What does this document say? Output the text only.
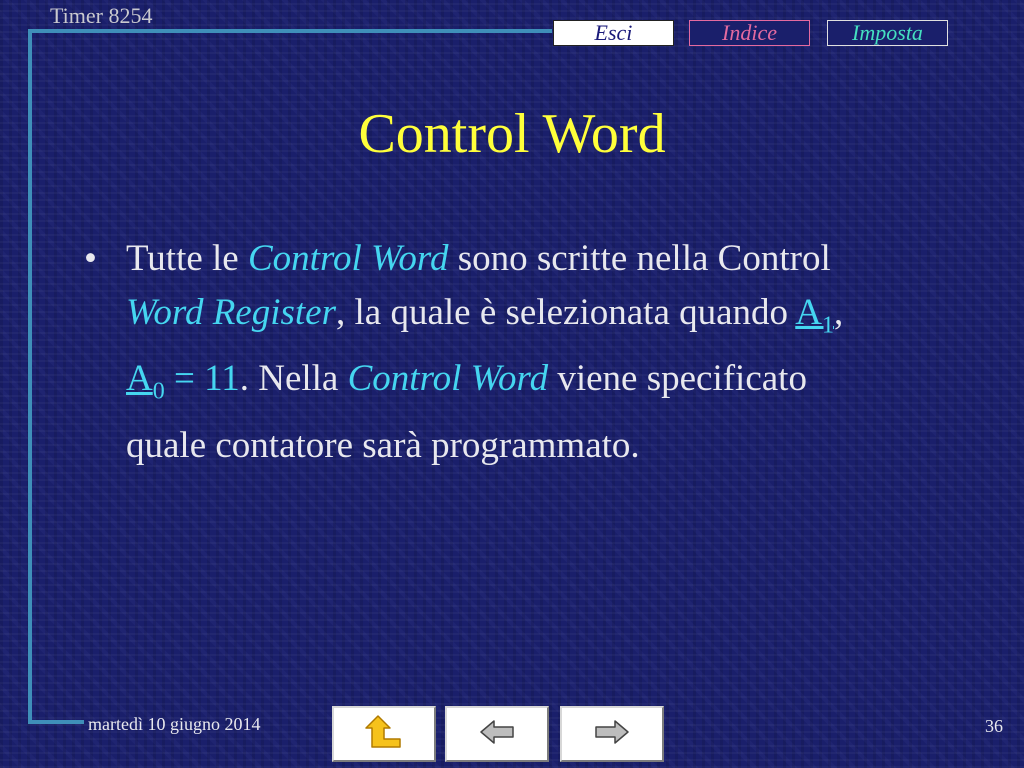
Timer 8254
Esci	Indice	Imposta
Control Word
• Tutte le Control Word sono scritte nella Control Word Register, la quale è selezionata quando $A_1$, $A_0 = 11$. Nella Control Word viene specificato quale contatore sarà programmato.
martedì 10 giugno 2014	36
